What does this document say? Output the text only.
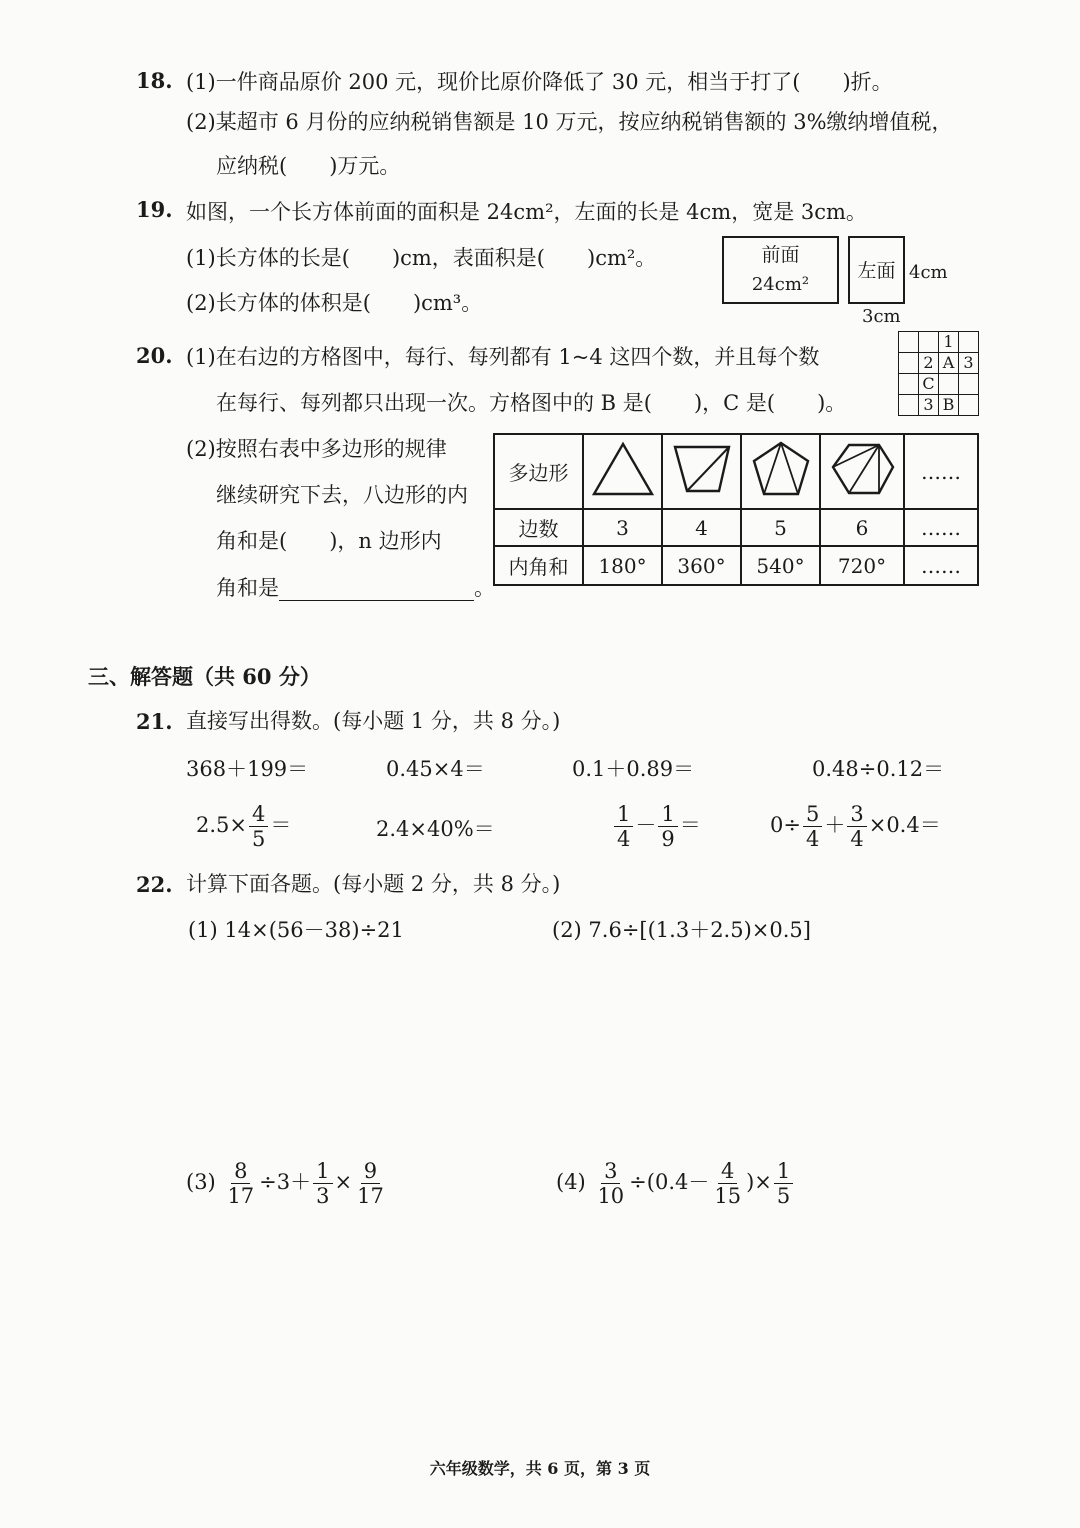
18. (1)一件商品原价 200 元，现价比原价降低了 30 元，相当于打了(　　)折。
(2)某超市 6 月份的应纳税销售额是 10 万元，按应纳税销售额的 3%缴纳增值税，
应纳税(　　)万元。
19. 如图，一个长方体前面的面积是 24cm²，左面的长是 4cm，宽是 3cm。
(1)长方体的长是(　　)cm，表面积是(　　)cm²。
(2)长方体的体积是(　　)cm³。
前面
24cm²
左面 4cm
3cm
20. (1)在右边的方格图中，每行、每列都有 1~4 这四个数，并且每个数
在每行、每列都只出现一次。方格图中的 B 是(　　)，C 是(　　)。
		1	
	2	A	3
	C		
	3	B	
(2)按照右表中多边形的规律
继续研究下去，八边形的内
角和是(　　)，n 边形内
角和是	。
多边形					……
边数	3	4	5	6	……
内角和	180°	360°	540°	720°	……
三、解答题（共 60 分）
21. 直接写出得数。(每小题 1 分，共 8 分。)
368＋199＝	0.45×4＝	0.1＋0.89＝	0.48÷0.12＝
$2.5\times \frac{4}{5}$ ＝	2.4×40%＝	$\frac{1}{4} - \frac{1}{9}$ ＝	$0\div \frac{5}{4} + \frac{3}{4} \times 0.4=$
22. 计算下面各题。(每小题 2 分，共 8 分。)
(1) 14×(56－38)÷21	(2) 7.6÷[(1.3＋2.5)×0.5]
$(3) \frac{8}{17} \div 3+ \frac{1}{3} \times \frac{9}{17}$	$(4) \frac{3}{10} \div(0.4- \frac{4}{15}$ )× $\frac{1}{5}$
六年级数学，共 6 页，第 3 页
